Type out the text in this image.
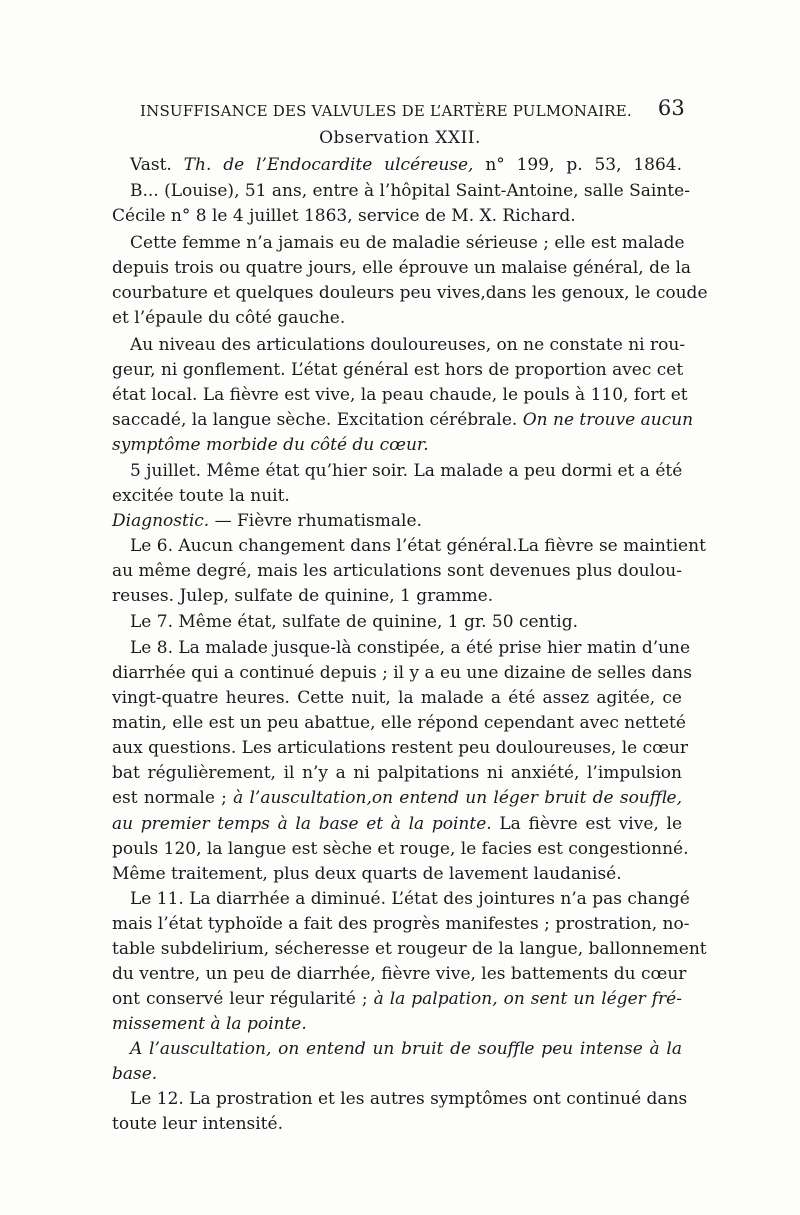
INSUFFISANCE DES VALVULES DE L’ARTÈRE PULMONAIRE. 63
Observation XXII.
Vast. Th. de l’Endocardite ulcéreuse, n° 199, p. 53, 1864.
B... (Louise), 51 ans, entre à l’hôpital Saint-Antoine, salle Sainte-
Cécile n° 8 le 4 juillet 1863, service de M. X. Richard.
Cette femme n’a jamais eu de maladie sérieuse ; elle est malade
depuis trois ou quatre jours, elle éprouve un malaise général, de la
courbature et quelques douleurs peu vives,dans les genoux, le coude
et l’épaule du côté gauche.
Au niveau des articulations douloureuses, on ne constate ni rou-
geur, ni gonflement. L’état général est hors de proportion avec cet
état local. La fièvre est vive, la peau chaude, le pouls à 110, fort et
saccadé, la langue sèche. Excitation cérébrale. On ne trouve aucun
symptôme morbide du côté du cœur.
5 juillet. Même état qu’hier soir. La malade a peu dormi et a été
excitée toute la nuit.
Diagnostic. — Fièvre rhumatismale.
Le 6. Aucun changement dans l’état général.La fièvre se maintient
au même degré, mais les articulations sont devenues plus doulou-
reuses. Julep, sulfate de quinine, 1 gramme.
Le 7. Même état, sulfate de quinine, 1 gr. 50 centig.
Le 8. La malade jusque-là constipée, a été prise hier matin d’une
diarrhée qui a continué depuis ; il y a eu une dizaine de selles dans
vingt-quatre heures. Cette nuit, la malade a été assez agitée, ce
matin, elle est un peu abattue, elle répond cependant avec netteté
aux questions. Les articulations restent peu douloureuses, le cœur
bat régulièrement, il n’y a ni palpitations ni anxiété, l’impulsion
est normale ; à l’auscultation,on entend un léger bruit de souffle,
au premier temps à la base et à la pointe. La fièvre est vive, le
pouls 120, la langue est sèche et rouge, le facies est congestionné.
Même traitement, plus deux quarts de lavement laudanisé.
Le 11. La diarrhée a diminué. L’état des jointures n’a pas changé
mais l’état typhoïde a fait des progrès manifestes ; prostration, no-
table subdelirium, sécheresse et rougeur de la langue, ballonnement
du ventre, un peu de diarrhée, fièvre vive, les battements du cœur
ont conservé leur régularité ; à la palpation, on sent un léger fré-
missement à la pointe.
A l’auscultation, on entend un bruit de souffle peu intense à la
base.
Le 12. La prostration et les autres symptômes ont continué dans
toute leur intensité.
